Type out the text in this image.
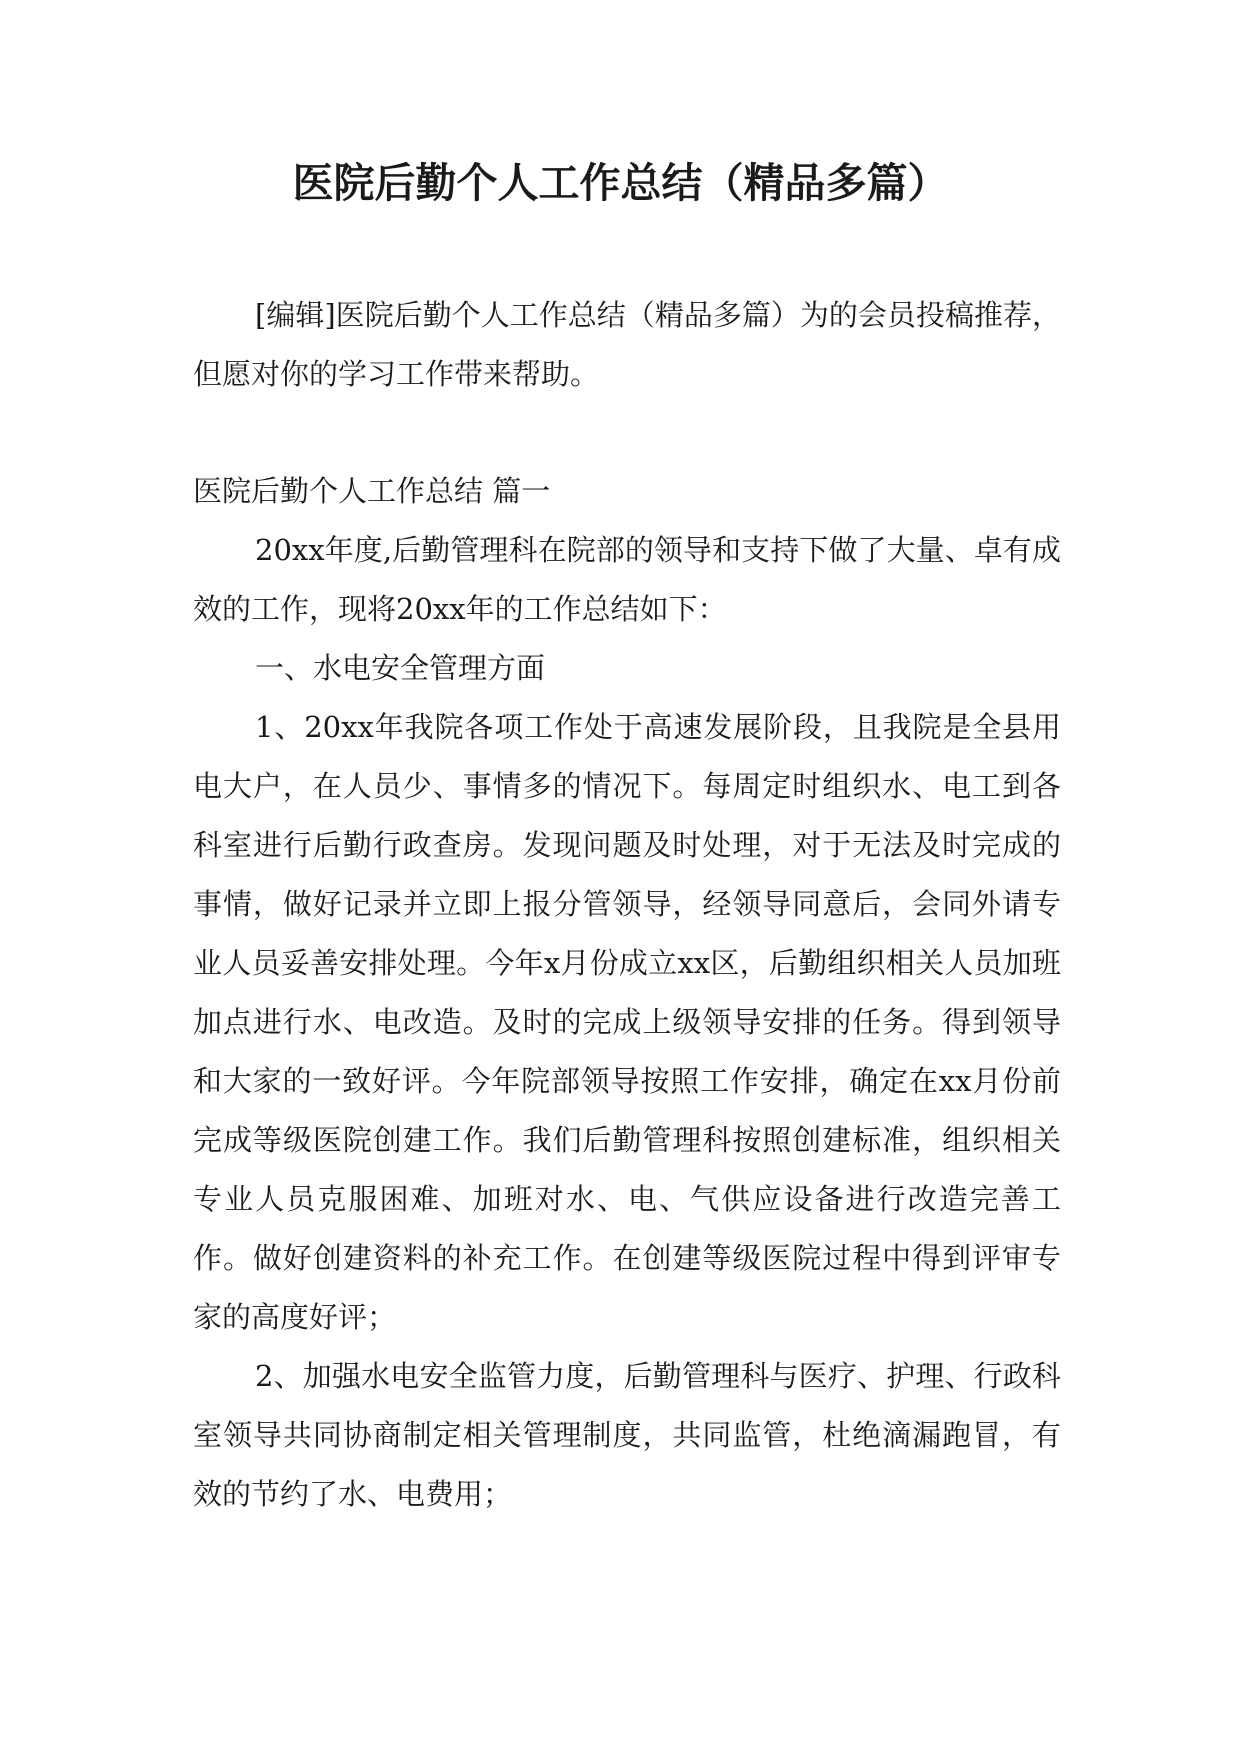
医院后勤个人工作总结（精品多篇）

[编辑]医院后勤个人工作总结（精品多篇）为的会员投稿推荐，但愿对你的学习工作带来帮助。

医院后勤个人工作总结 篇一

20xx年度,后勤管理科在院部的领导和支持下做了大量、卓有成效的工作，现将20xx年的工作总结如下：

一、水电安全管理方面

1、20xx年我院各项工作处于高速发展阶段，且我院是全县用电大户，在人员少、事情多的情况下。每周定时组织水、电工到各科室进行后勤行政查房。发现问题及时处理，对于无法及时完成的事情，做好记录并立即上报分管领导，经领导同意后，会同外请专业人员妥善安排处理。今年x月份成立xx区，后勤组织相关人员加班加点进行水、电改造。及时的完成上级领导安排的任务。得到领导和大家的一致好评。今年院部领导按照工作安排，确定在xx月份前完成等级医院创建工作。我们后勤管理科按照创建标准，组织相关专业人员克服困难、加班对水、电、气供应设备进行改造完善工作。做好创建资料的补充工作。在创建等级医院过程中得到评审专家的高度好评；

2、加强水电安全监管力度，后勤管理科与医疗、护理、行政科室领导共同协商制定相关管理制度，共同监管，杜绝滴漏跑冒，有效的节约了水、电费用；
